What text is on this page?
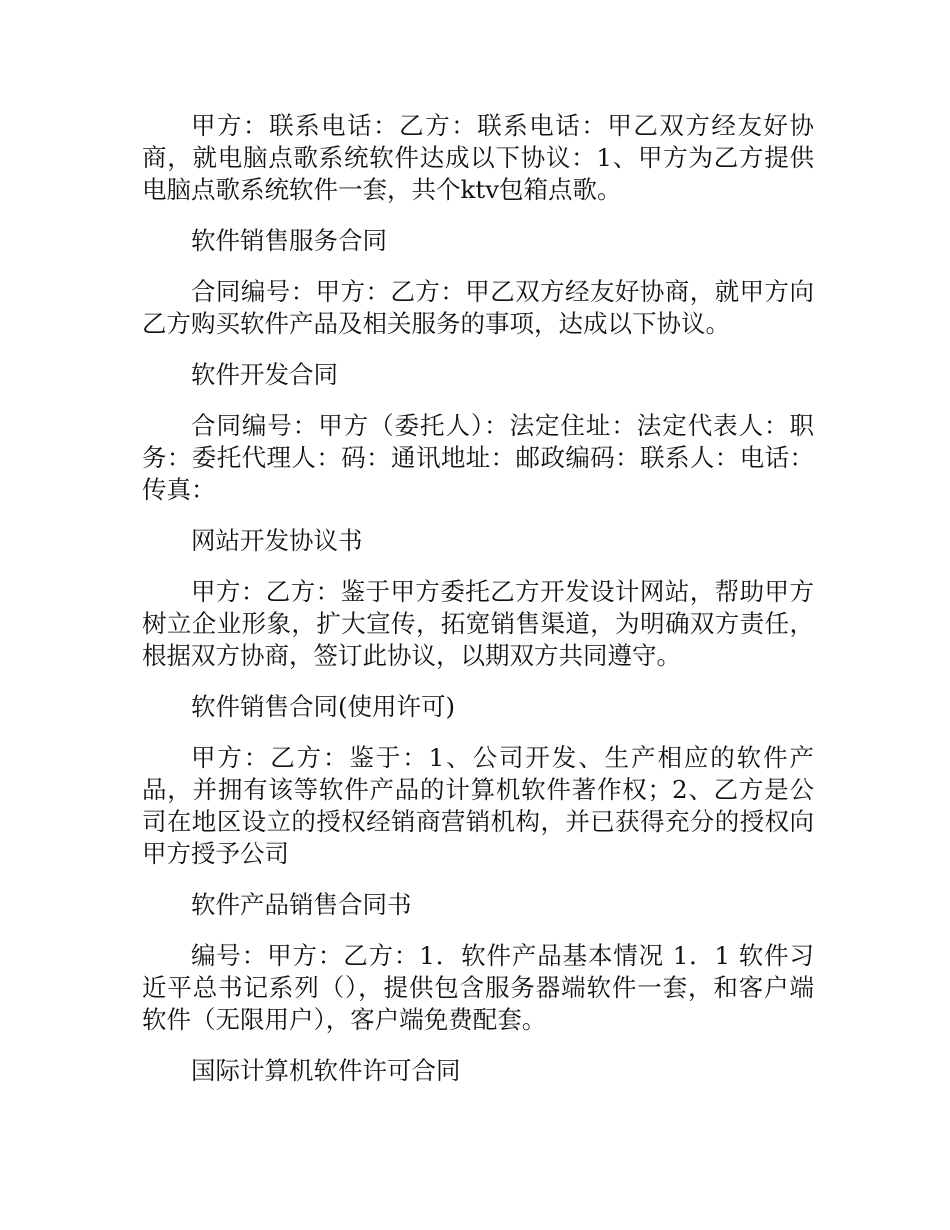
甲方：联系电话：乙方：联系电话：甲乙双方经友好协商，就电脑点歌系统软件达成以下协议：1、甲方为乙方提供电脑点歌系统软件一套，共个ktv包箱点歌。

软件销售服务合同

合同编号：甲方：乙方：甲乙双方经友好协商，就甲方向乙方购买软件产品及相关服务的事项，达成以下协议。

软件开发合同

合同编号：甲方（委托人）：法定住址：法定代表人：职务：委托代理人：码：通讯地址：邮政编码：联系人：电话：传真：

网站开发协议书

甲方：乙方：鉴于甲方委托乙方开发设计网站，帮助甲方树立企业形象，扩大宣传，拓宽销售渠道，为明确双方责任，根据双方协商，签订此协议，以期双方共同遵守。

软件销售合同(使用许可)

甲方：乙方：鉴于：1、公司开发、生产相应的软件产品，并拥有该等软件产品的计算机软件著作权；2、乙方是公司在地区设立的授权经销商营销机构，并已获得充分的授权向甲方授予公司

软件产品销售合同书

编号：甲方：乙方：1．软件产品基本情况 1．1 软件习近平总书记系列（），提供包含服务器端软件一套，和客户端软件（无限用户），客户端免费配套。

国际计算机软件许可合同
